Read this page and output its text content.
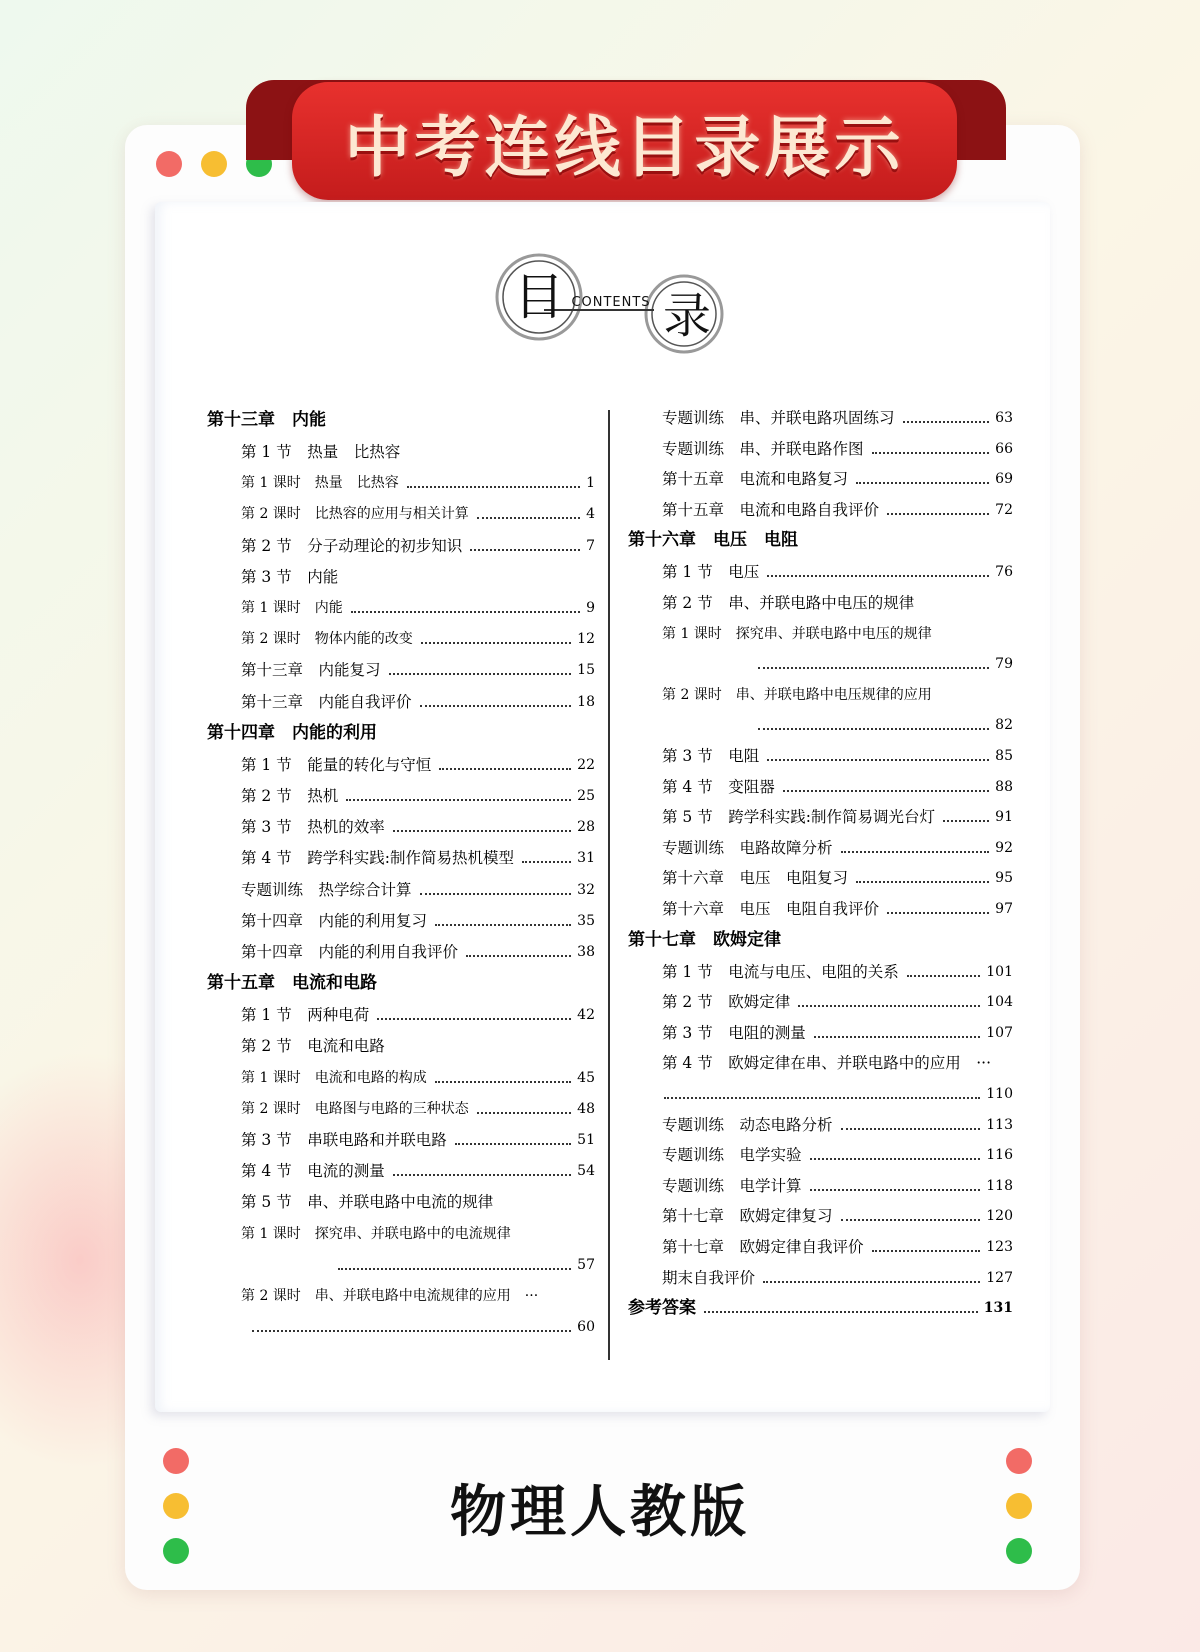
中考连线目录展示
目 CONTENTS 录
第十三章　内能
第 1 节　热量　比热容
第 1 课时　热量　比热容	1
第 2 课时　比热容的应用与相关计算	4
第 2 节　分子动理论的初步知识	7
第 3 节　内能
第 1 课时　内能	9
第 2 课时　物体内能的改变	12
第十三章　内能复习	15
第十三章　内能自我评价	18
第十四章　内能的利用
第 1 节　能量的转化与守恒	22
第 2 节　热机	25
第 3 节　热机的效率	28
第 4 节　跨学科实践:制作简易热机模型	31
专题训练　热学综合计算	32
第十四章　内能的利用复习	35
第十四章　内能的利用自我评价	38
第十五章　电流和电路
第 1 节　两种电荷	42
第 2 节　电流和电路
第 1 课时　电流和电路的构成	45
第 2 课时　电路图与电路的三种状态	48
第 3 节　串联电路和并联电路	51
第 4 节　电流的测量	54
第 5 节　串、并联电路中电流的规律
第 1 课时　探究串、并联电路中的电流规律
57
第 2 课时　串、并联电路中电流规律的应用　···
60
专题训练　串、并联电路巩固练习	63
专题训练　串、并联电路作图	66
第十五章　电流和电路复习	69
第十五章　电流和电路自我评价	72
第十六章　电压　电阻
第 1 节　电压	76
第 2 节　串、并联电路中电压的规律
第 1 课时　探究串、并联电路中电压的规律
79
第 2 课时　串、并联电路中电压规律的应用
82
第 3 节　电阻	85
第 4 节　变阻器	88
第 5 节　跨学科实践:制作简易调光台灯	91
专题训练　电路故障分析	92
第十六章　电压　电阻复习	95
第十六章　电压　电阻自我评价	97
第十七章　欧姆定律
第 1 节　电流与电压、电阻的关系	101
第 2 节　欧姆定律	104
第 3 节　电阻的测量	107
第 4 节　欧姆定律在串、并联电路中的应用　···
110
专题训练　动态电路分析	113
专题训练　电学实验	116
专题训练　电学计算	118
第十七章　欧姆定律复习	120
第十七章　欧姆定律自我评价	123
期末自我评价	127
参考答案	131
物理人教版
